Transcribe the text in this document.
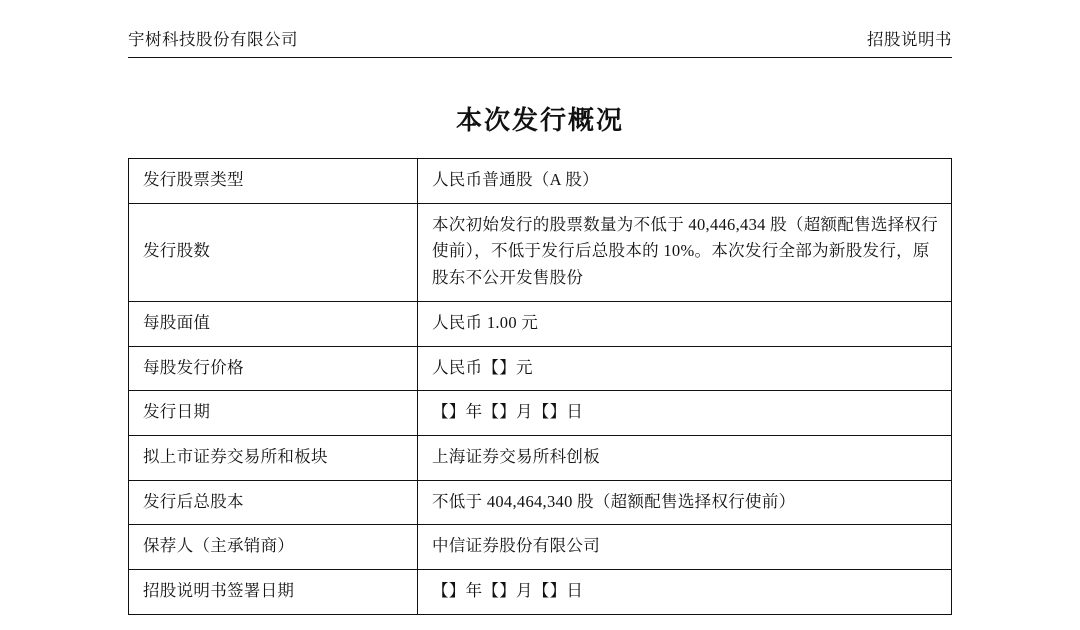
宇树科技股份有限公司	招股说明书
本次发行概况
发行股票类型	人民币普通股（A 股）
发行股数	本次初始发行的股票数量为不低于 40,446,434 股（超额配售选择权行使前），不低于发行后总股本的 10%。本次发行全部为新股发行，原股东不公开发售股份
每股面值	人民币 1.00 元
每股发行价格	人民币【】元
发行日期	【】年【】月【】日
拟上市证券交易所和板块	上海证券交易所科创板
发行后总股本	不低于 404,464,340 股（超额配售选择权行使前）
保荐人（主承销商）	中信证券股份有限公司
招股说明书签署日期	【】年【】月【】日
